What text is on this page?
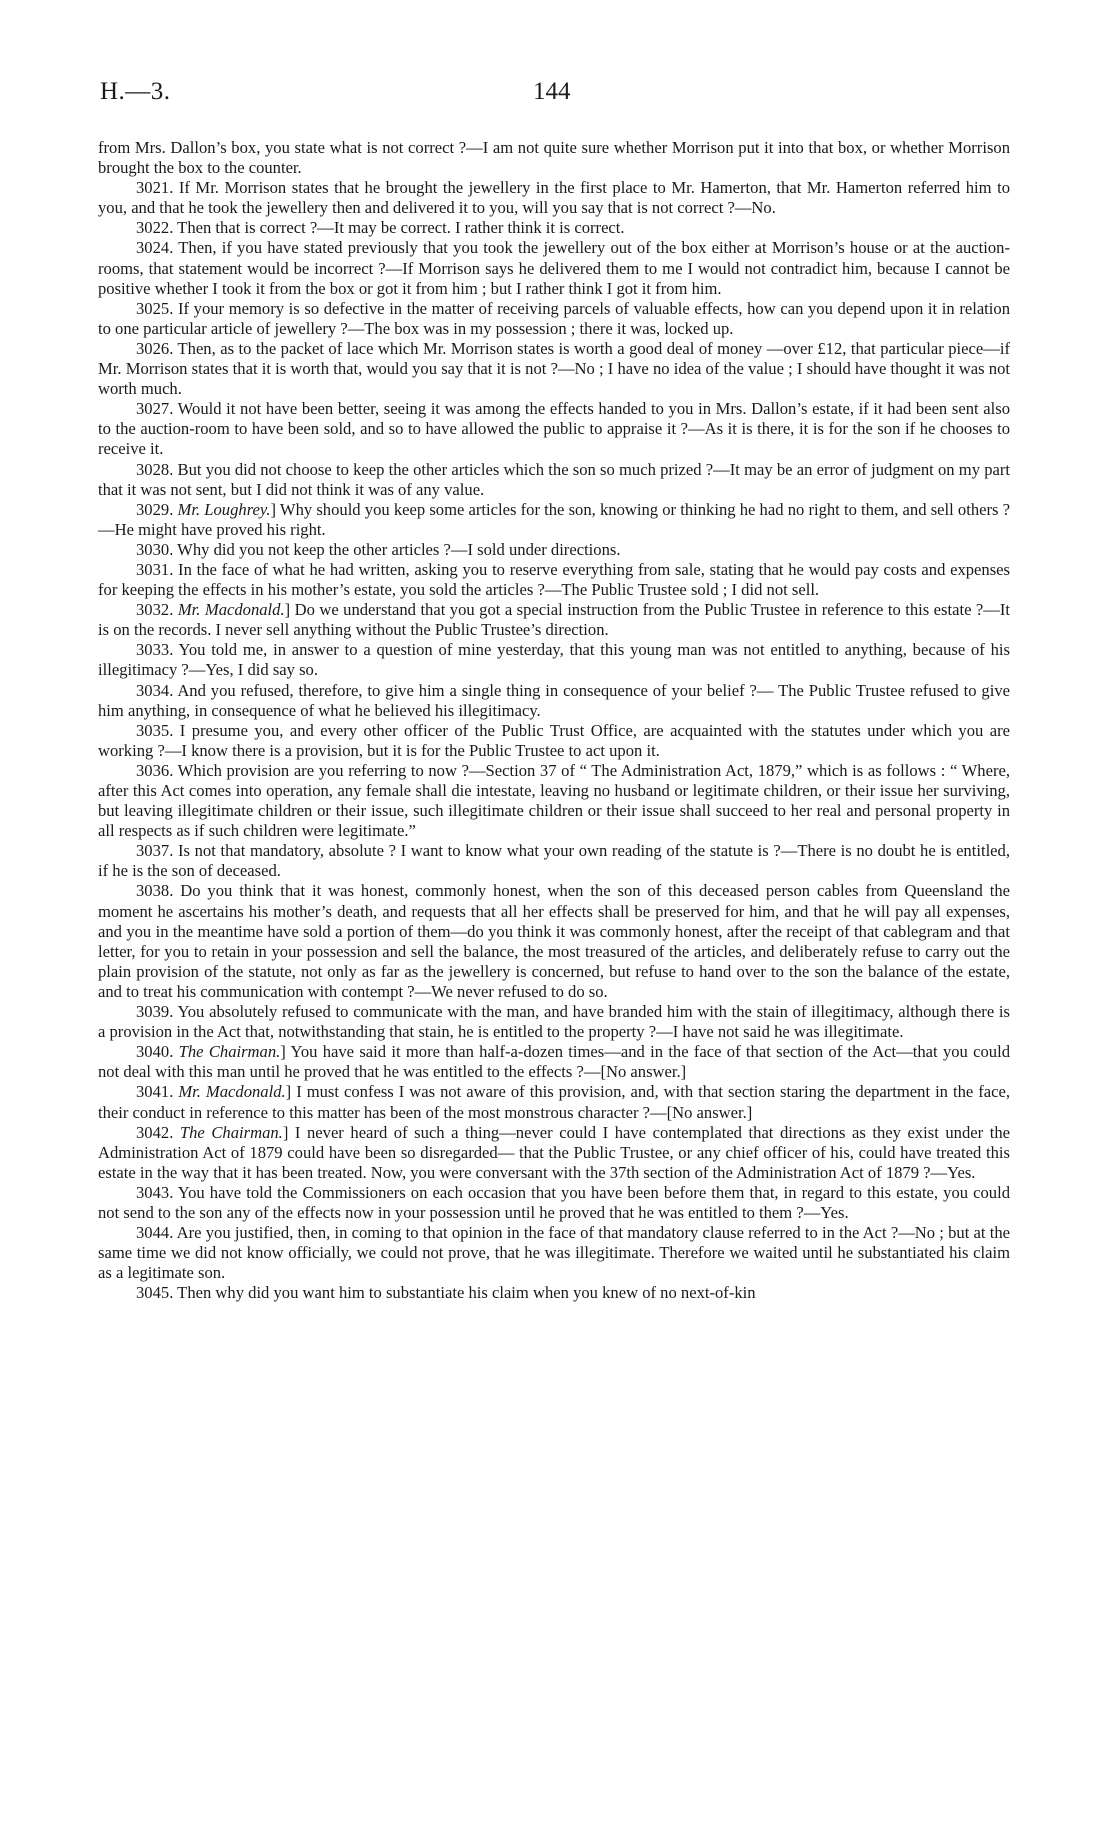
H.—3.	144

from Mrs. Dallon’s box, you state what is not correct ?—I am not quite sure whether Morrison put it into that box, or whether Morrison brought the box to the counter.

3021. If Mr. Morrison states that he brought the jewellery in the first place to Mr. Hamerton, that Mr. Hamerton referred him to you, and that he took the jewellery then and delivered it to you, will you say that is not correct ?—No.

3022. Then that is correct ?—It may be correct. I rather think it is correct.

3024. Then, if you have stated previously that you took the jewellery out of the box either at Morrison’s house or at the auction-rooms, that statement would be incorrect ?—If Morrison says he delivered them to me I would not contradict him, because I cannot be positive whether I took it from the box or got it from him ; but I rather think I got it from him.

3025. If your memory is so defective in the matter of receiving parcels of valuable effects, how can you depend upon it in relation to one particular article of jewellery ?—The box was in my possession ; there it was, locked up.

3026. Then, as to the packet of lace which Mr. Morrison states is worth a good deal of money —over £12, that particular piece—if Mr. Morrison states that it is worth that, would you say that it is not ?—No ; I have no idea of the value ; I should have thought it was not worth much.

3027. Would it not have been better, seeing it was among the effects handed to you in Mrs. Dallon’s estate, if it had been sent also to the auction-room to have been sold, and so to have allowed the public to appraise it ?—As it is there, it is for the son if he chooses to receive it.

3028. But you did not choose to keep the other articles which the son so much prized ?—It may be an error of judgment on my part that it was not sent, but I did not think it was of any value.

3029. Mr. Loughrey.] Why should you keep some articles for the son, knowing or thinking he had no right to them, and sell others ?—He might have proved his right.

3030. Why did you not keep the other articles ?—I sold under directions.

3031. In the face of what he had written, asking you to reserve everything from sale, stating that he would pay costs and expenses for keeping the effects in his mother’s estate, you sold the articles ?—The Public Trustee sold ; I did not sell.

3032. Mr. Macdonald.] Do we understand that you got a special instruction from the Public Trustee in reference to this estate ?—It is on the records. I never sell anything without the Public Trustee’s direction.

3033. You told me, in answer to a question of mine yesterday, that this young man was not entitled to anything, because of his illegitimacy ?—Yes, I did say so.

3034. And you refused, therefore, to give him a single thing in consequence of your belief ?— The Public Trustee refused to give him anything, in consequence of what he believed his illegitimacy.

3035. I presume you, and every other officer of the Public Trust Office, are acquainted with the statutes under which you are working ?—I know there is a provision, but it is for the Public Trustee to act upon it.

3036. Which provision are you referring to now ?—Section 37 of “ The Administration Act, 1879,” which is as follows : “ Where, after this Act comes into operation, any female shall die intestate, leaving no husband or legitimate children, or their issue her surviving, but leaving illegitimate children or their issue, such illegitimate children or their issue shall succeed to her real and personal property in all respects as if such children were legitimate.”

3037. Is not that mandatory, absolute ? I want to know what your own reading of the statute is ?—There is no doubt he is entitled, if he is the son of deceased.

3038. Do you think that it was honest, commonly honest, when the son of this deceased person cables from Queensland the moment he ascertains his mother’s death, and requests that all her effects shall be preserved for him, and that he will pay all expenses, and you in the meantime have sold a portion of them—do you think it was commonly honest, after the receipt of that cablegram and that letter, for you to retain in your possession and sell the balance, the most treasured of the articles, and deliberately refuse to carry out the plain provision of the statute, not only as far as the jewellery is concerned, but refuse to hand over to the son the balance of the estate, and to treat his communication with contempt ?—We never refused to do so.

3039. You absolutely refused to communicate with the man, and have branded him with the stain of illegitimacy, although there is a provision in the Act that, notwithstanding that stain, he is entitled to the property ?—I have not said he was illegitimate.

3040. The Chairman.] You have said it more than half-a-dozen times—and in the face of that section of the Act—that you could not deal with this man until he proved that he was entitled to the effects ?—[No answer.]

3041. Mr. Macdonald.] I must confess I was not aware of this provision, and, with that section staring the department in the face, their conduct in reference to this matter has been of the most monstrous character ?—[No answer.]

3042. The Chairman.] I never heard of such a thing—never could I have contemplated that directions as they exist under the Administration Act of 1879 could have been so disregarded— that the Public Trustee, or any chief officer of his, could have treated this estate in the way that it has been treated. Now, you were conversant with the 37th section of the Administration Act of 1879 ?—Yes.

3043. You have told the Commissioners on each occasion that you have been before them that, in regard to this estate, you could not send to the son any of the effects now in your possession until he proved that he was entitled to them ?—Yes.

3044. Are you justified, then, in coming to that opinion in the face of that mandatory clause referred to in the Act ?—No ; but at the same time we did not know officially, we could not prove, that he was illegitimate. Therefore we waited until he substantiated his claim as a legitimate son.

3045. Then why did you want him to substantiate his claim when you knew of no next-of-kin
